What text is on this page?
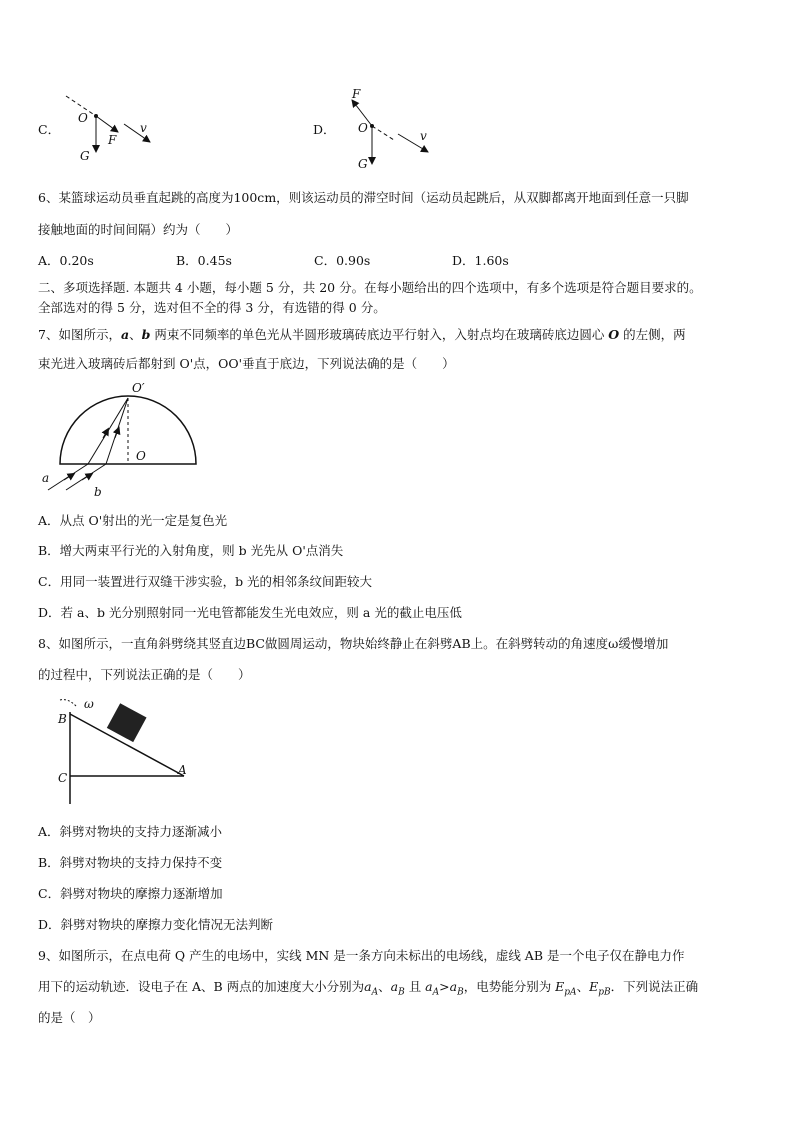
C．
O
F
G
v	D．
F
O
G
v
6、某篮球运动员垂直起跳的高度为100cm，则该运动员的滞空时间（运动员起跳后，从双脚都离开地面到任意一只脚
接触地面的时间间隔）约为（　　）
A．0.20s	B．0.45s	C．0.90s	D．1.60s
二、多项选择题. 本题共 4 小题，每小题 5 分，共 20 分。在每小题给出的四个选项中，有多个选项是符合题目要求的。
全部选对的得 5 分，选对但不全的得 3 分，有选错的得 0 分。
7、如图所示，a、b 两束不同频率的单色光从半圆形玻璃砖底边平行射入，入射点均在玻璃砖底边圆心 O 的左侧，两
束光进入玻璃砖后都射到 O'点，OO'垂直于底边，下列说法确的是（　　）
O′
O
a
b
A．从点 O'射出的光一定是复色光
B．增大两束平行光的入射角度，则 b 光先从 O'点消失
C．用同一装置进行双缝干涉实验，b 光的相邻条纹间距较大
D．若 a、b 光分别照射同一光电管都能发生光电效应，则 a 光的截止电压低
8、如图所示，一直角斜劈绕其竖直边BC做圆周运动，物块始终静止在斜劈AB上。在斜劈转动的角速度ω缓慢增加
的过程中，下列说法正确的是（　　）
B
C
A
ω
A．斜劈对物块的支持力逐渐减小
B．斜劈对物块的支持力保持不变
C．斜劈对物块的摩擦力逐渐增加
D．斜劈对物块的摩擦力变化情况无法判断
9、如图所示，在点电荷 Q 产生的电场中，实线 MN 是一条方向未标出的电场线，虚线 AB 是一个电子仅在静电力作
用下的运动轨迹．设电子在 A、B 两点的加速度大小分别为$a_A$、$a_B$ 且 $a_A>a_B$，电势能分别为 $E_{pA}$、$E_{pB}$．下列说法正确
的是（　）
